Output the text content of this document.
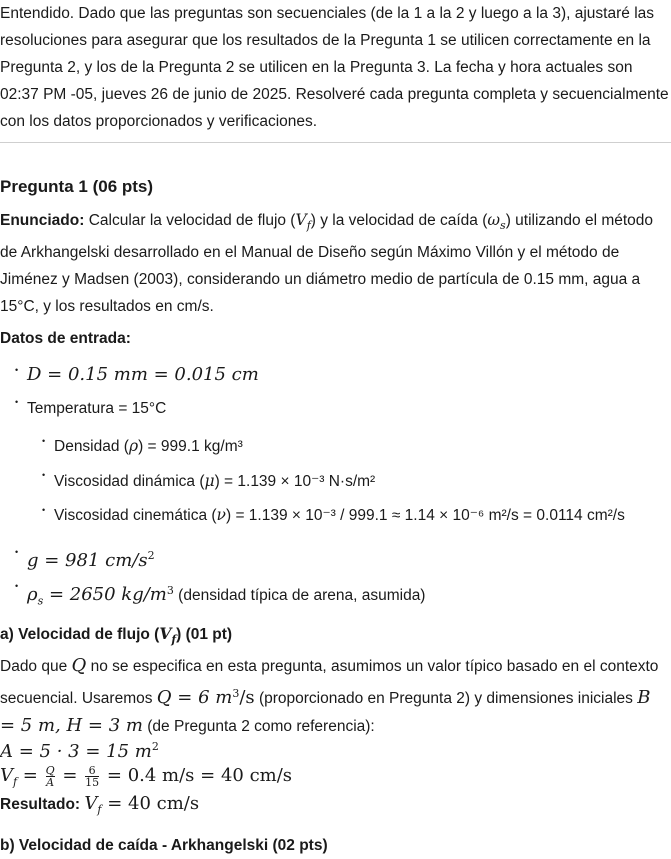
Entendido. Dado que las preguntas son secuenciales (de la 1 a la 2 y luego a la 3), ajustaré las resoluciones para asegurar que los resultados de la Pregunta 1 se utilicen correctamente en la Pregunta 2, y los de la Pregunta 2 se utilicen en la Pregunta 3. La fecha y hora actuales son 02:37 PM -05, jueves 26 de junio de 2025. Resolveré cada pregunta completa y secuencialmente con los datos proporcionados y verificaciones.

Pregunta 1 (06 pts)

Enunciado: Calcular la velocidad de flujo $(V_f)$ y la velocidad de caída $(\omega_s)$ utilizando el método de Arkhangelski desarrollado en el Manual de Diseño según Máximo Villón y el método de Jiménez y Madsen (2003), considerando un diámetro medio de partícula de 0.15 mm, agua a 15°C, y los resultados en cm/s.

Datos de entrada:
• D = 0.15 mm = 0.015 cm
• Temperatura = 15°C
• Densidad (ρ) = 999.1 kg/m³
• Viscosidad dinámica (μ) = 1.139 × 10⁻³ N·s/m²
• Viscosidad cinemática (ν) = 1.139 × 10⁻³ / 999.1 ≈ 1.14 × 10⁻⁶ m²/s = 0.0114 cm²/s
• g = 981 $cm/s^2$
• $\rho_s = 2650$ $kg/m^3$ (densidad típica de arena, asumida)
a) Velocidad de flujo $(V_f)$ (01 pt)

Dado que Q no se especifica en esta pregunta, asumimos un valor típico basado en el contexto secuencial. Usaremos Q = 6 $m^3/s$ (proporcionado en Pregunta 2) y dimensiones iniciales B = 5 m, H = 3 m (de Pregunta 2 como referencia):

A = 5 · 3 = 15 $m^2$
$V_f = \frac{Q}{A} = \frac{6}{15} = 0.4$ m/s = 40 cm/s
Resultado: $V_f = 40$ cm/s
b) Velocidad de caída - Arkhangelski (02 pts)
